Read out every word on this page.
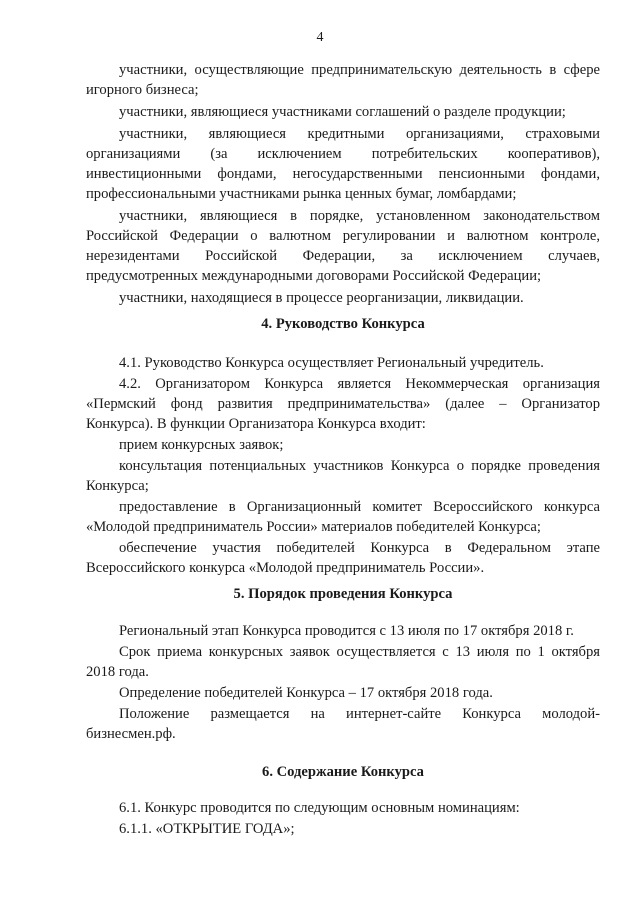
4

участники, осуществляющие предпринимательскую деятельность в сфере игорного бизнеса;

участники, являющиеся участниками соглашений о разделе продукции;

участники, являющиеся кредитными организациями, страховыми организациями (за исключением потребительских кооперативов), инвестиционными фондами, негосударственными пенсионными фондами, профессиональными участниками рынка ценных бумаг, ломбардами;

участники, являющиеся в порядке, установленном законодательством Российской Федерации о валютном регулировании и валютном контроле, нерезидентами Российской Федерации, за исключением случаев, предусмотренных международными договорами Российской Федерации;

участники, находящиеся в процессе реорганизации, ликвидации.

4. Руководство Конкурса

4.1. Руководство Конкурса осуществляет Региональный учредитель.

4.2. Организатором Конкурса является Некоммерческая организация «Пермский фонд развития предпринимательства» (далее – Организатор Конкурса). В функции Организатора Конкурса входит:

прием конкурсных заявок;

консультация потенциальных участников Конкурса о порядке проведения Конкурса;

предоставление в Организационный комитет Всероссийского конкурса «Молодой предприниматель России» материалов победителей Конкурса;

обеспечение участия победителей Конкурса в Федеральном этапе Всероссийского конкурса «Молодой предприниматель России».

5. Порядок проведения Конкурса

Региональный этап Конкурса проводится с 13 июля по 17 октября 2018 г.

Срок приема конкурсных заявок осуществляется с 13 июля по 1 октября 2018 года.

Определение победителей Конкурса – 17 октября 2018 года.

Положение размещается на интернет-сайте Конкурса молодой-бизнесмен.рф.

6. Содержание Конкурса

6.1. Конкурс проводится по следующим основным номинациям:

6.1.1. «ОТКРЫТИЕ ГОДА»;
